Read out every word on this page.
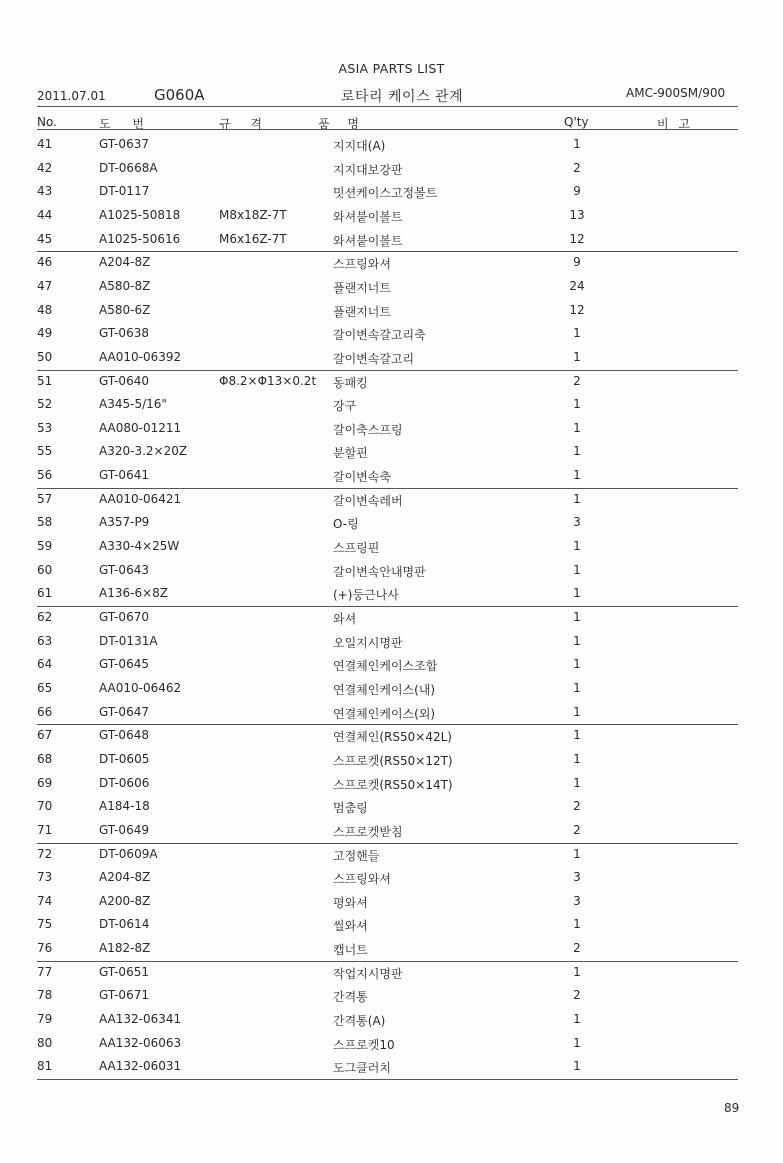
ASIA PARTS LIST
2011.07.01	G060A	로타리 케이스 관계	AMC-900SM/900
No.	도 번	규 격	품 명	Q'ty	비 고
41	GT-0637	지지대(A)	1
42	DT-0668A	지지대보강판	2
43	DT-0117	밋션케이스고정볼트	9
44	A1025-50818	M8x18Z-7T	와셔붙이볼트	13
45	A1025-50616	M6x16Z-7T	와셔붙이볼트	12
46	A204-8Z	스프링와셔	9
47	A580-8Z	플랜지너트	24
48	A580-6Z	플랜지너트	12
49	GT-0638	갈이변속갈고리축	1
50	AA010-06392	갈이변속갈고리	1
51	GT-0640	Φ8.2×Φ13×0.2t 동패킹	2
52	A345-5/16"	강구	1
53	AA080-01211	갈이축스프링	1
55	A320-3.2×20Z	분할핀	1
56	GT-0641	갈이변속축	1
57	AA010-06421	갈이변속레버	1
58	A357-P9	O-링	3
59	A330-4×25W	스프링핀	1
60	GT-0643	갈이변속안내명판	1
61	A136-6×8Z	(+)둥근나사	1
62	GT-0670	와셔	1
63	DT-0131A	오일지시명판	1
64	GT-0645	연결체인케이스조합	1
65	AA010-06462	연결체인케이스(내)	1
66	GT-0647	연결체인케이스(외)	1
67	GT-0648	연결체인(RS50×42L)	1
68	DT-0605	스프로켓(RS50×12T)	1
69	DT-0606	스프로켓(RS50×14T)	1
70	A184-18	멈춤링	2
71	GT-0649	스프로켓받침	2
72	DT-0609A	고정핸들	1
73	A204-8Z	스프링와셔	3
74	A200-8Z	평와셔	3
75	DT-0614	씰와셔	1
76	A182-8Z	캡너트	2
77	GT-0651	작업지시명판	1
78	GT-0671	간격통	2
79	AA132-06341	간격통(A)	1
80	AA132-06063	스프로켓10	1
81	AA132-06031	도그클러치	1
89
